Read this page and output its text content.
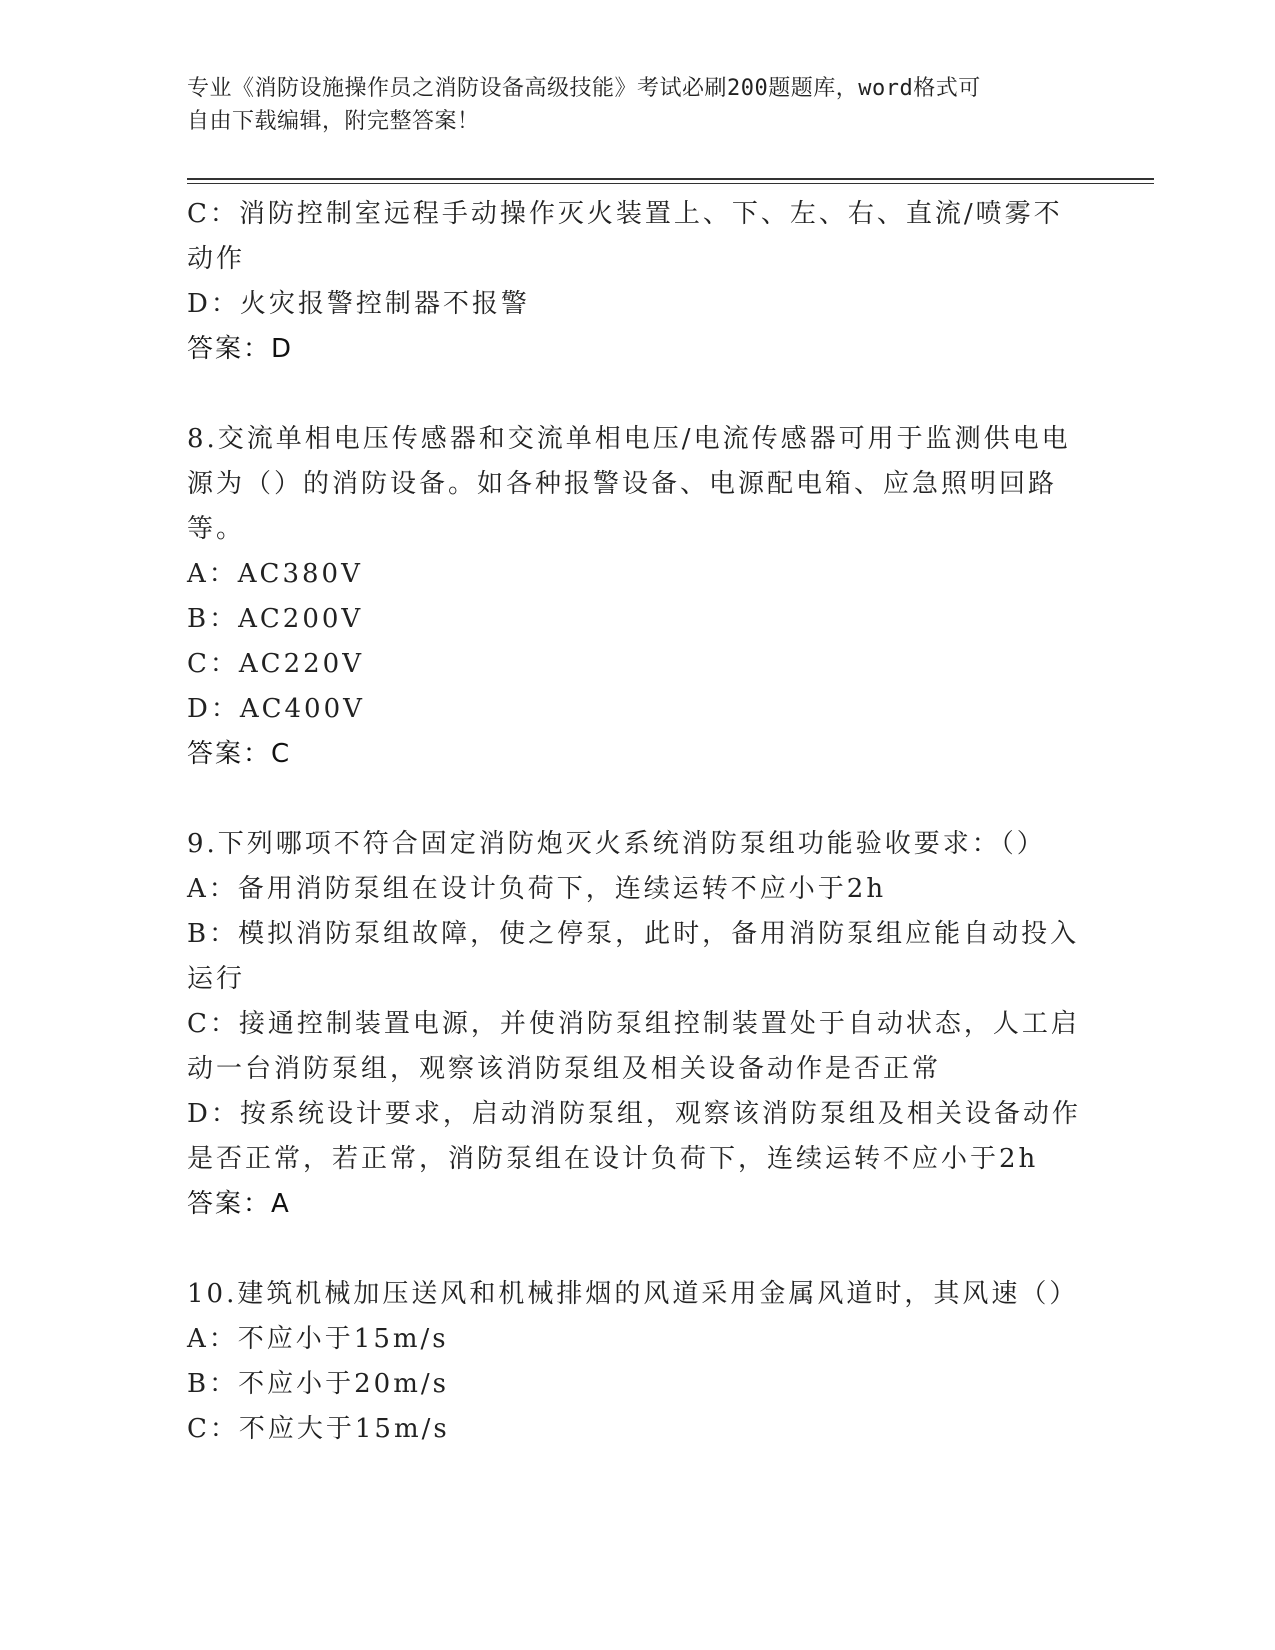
专业《消防设施操作员之消防设备高级技能》考试必刷200题题库，word格式可
自由下载编辑，附完整答案！

C：消防控制室远程手动操作灭火装置上、下、左、右、直流/喷雾不

动作

D：火灾报警控制器不报警

答案：D

8.交流单相电压传感器和交流单相电压/电流传感器可用于监测供电电

源为（）的消防设备。如各种报警设备、电源配电箱、应急照明回路

等。

A：AC380V

B：AC200V

C：AC220V

D：AC400V

答案：C

9.下列哪项不符合固定消防炮灭火系统消防泵组功能验收要求：（）

A：备用消防泵组在设计负荷下，连续运转不应小于2h

B：模拟消防泵组故障，使之停泵，此时，备用消防泵组应能自动投入

运行

C：接通控制装置电源，并使消防泵组控制装置处于自动状态，人工启

动一台消防泵组，观察该消防泵组及相关设备动作是否正常

D：按系统设计要求，启动消防泵组，观察该消防泵组及相关设备动作

是否正常，若正常，消防泵组在设计负荷下，连续运转不应小于2h

答案：A

10.建筑机械加压送风和机械排烟的风道采用金属风道时，其风速（）

A：不应小于15m/s

B：不应小于20m/s

C：不应大于15m/s
